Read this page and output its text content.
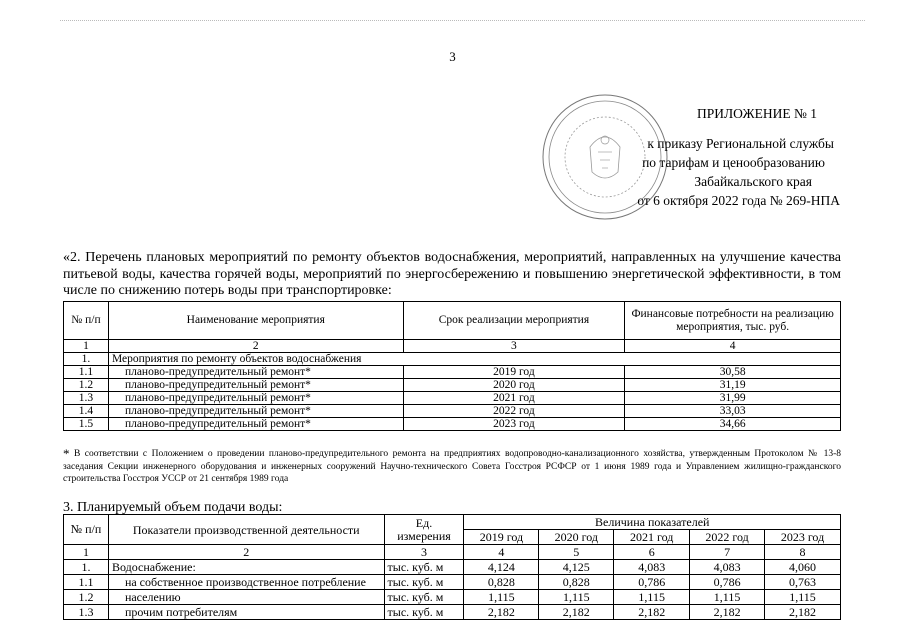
3
ПРИЛОЖЕНИЕ № 1
к приказу Региональной службы
по тарифам и ценообразованию
Забайкальского края
от 6 октября 2022 года № 269-НПА
«2. Перечень плановых мероприятий по ремонту объектов водоснабжения, мероприятий, направленных на улучшение качества питьевой воды, качества горячей воды, мероприятий по энергосбережению и повышению энергетической эффективности, в том числе по снижению потерь воды при транспортировке:
№ п/п	Наименование мероприятия	Срок реализации мероприятия	Финансовые потребности на реализацию мероприятия, тыс. руб.
1	2	3	4
1.	Мероприятия по ремонту объектов водоснабжения		
1.1	планово-предупредительный ремонт*	2019 год	30,58
1.2	планово-предупредительный ремонт*	2020 год	31,19
1.3	планово-предупредительный ремонт*	2021 год	31,99
1.4	планово-предупредительный ремонт*	2022 год	33,03
1.5	планово-предупредительный ремонт*	2023 год	34,66
* В соответствии с Положением о проведении планово-предупредительного ремонта на предприятиях водопроводно-канализационного хозяйства, утвержденным Протоколом № 13-8 заседания Секции инженерного оборудования и инженерных сооружений Научно-технического Совета Госстроя РСФСР от 1 июня 1989 года и Управлением жилищно-гражданского строительства Госстроя УССР от 21 сентября 1989 года
3. Планируемый объем подачи воды:
№ п/п	Показатели производственной деятельности	Ед. измерения	Величина показателей				
			2019 год	2020 год	2021 год	2022 год	2023 год
1	2	3	4	5	6	7	8
1.	Водоснабжение:	тыс. куб. м	4,124	4,125	4,083	4,083	4,060
1.1	на собственное производственное потребление	тыс. куб. м	0,828	0,828	0,786	0,786	0,763
1.2	населению	тыс. куб. м	1,115	1,115	1,115	1,115	1,115
1.3	прочим потребителям	тыс. куб. м	2,182	2,182	2,182	2,182	2,182
